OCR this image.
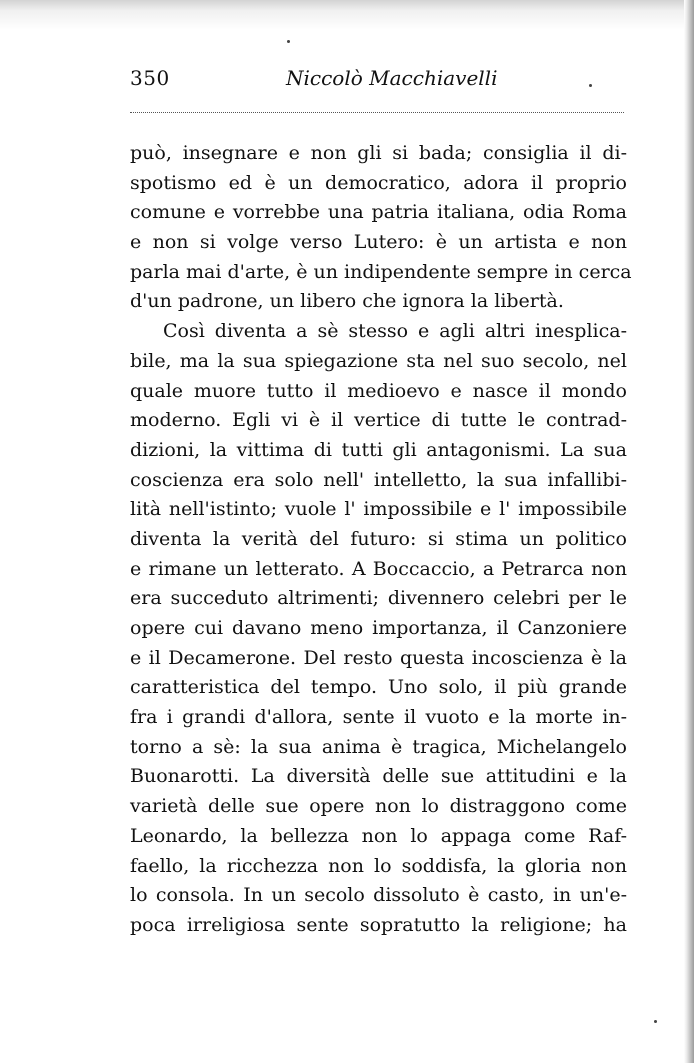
350	Niccolò Macchiavelli
può, insegnare e non gli si bada; consiglia il di-
spotismo ed è un democratico, adora il proprio
comune e vorrebbe una patria italiana, odia Roma
e non si volge verso Lutero: è un artista e non
parla mai d'arte, è un indipendente sempre in cerca
d'un padrone, un libero che ignora la libertà.
Così diventa a sè stesso e agli altri inesplica-
bile, ma la sua spiegazione sta nel suo secolo, nel
quale muore tutto il medioevo e nasce il mondo
moderno. Egli vi è il vertice di tutte le contrad-
dizioni, la vittima di tutti gli antagonismi. La sua
coscienza era solo nell' intelletto, la sua infallibi-
lità nell'istinto; vuole l' impossibile e l' impossibile
diventa la verità del futuro: si stima un politico
e rimane un letterato. A Boccaccio, a Petrarca non
era succeduto altrimenti; divennero celebri per le
opere cui davano meno importanza, il Canzoniere
e il Decamerone. Del resto questa incoscienza è la
caratteristica del tempo. Uno solo, il più grande
fra i grandi d'allora, sente il vuoto e la morte in-
torno a sè: la sua anima è tragica, Michelangelo
Buonarotti. La diversità delle sue attitudini e la
varietà delle sue opere non lo distraggono come
Leonardo, la bellezza non lo appaga come Raf-
faello, la ricchezza non lo soddisfa, la gloria non
lo consola. In un secolo dissoluto è casto, in un'e-
poca irreligiosa sente sopratutto la religione; ha
